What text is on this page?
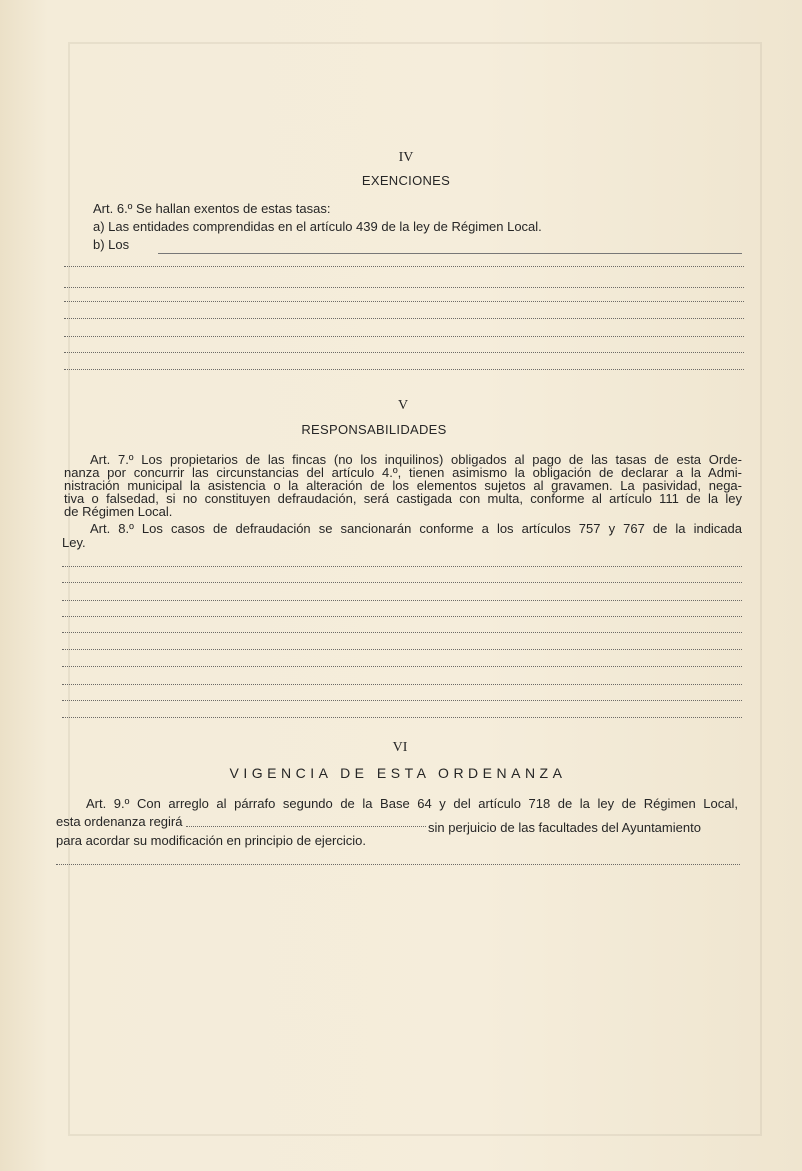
IV
EXENCIONES
Art. 6.º Se hallan exentos de estas tasas:
a) Las entidades comprendidas en el artículo 439 de la ley de Régimen Local.
b) Los
V
RESPONSABILIDADES
Art. 7.º Los propietarios de las fincas (no los inquilinos) obligados al pago de las tasas de esta Orde-
nanza por concurrir las circunstancias del artículo 4.º, tienen asimismo la obligación de declarar a la Admi-
nistración municipal la asistencia o la alteración de los elementos sujetos al gravamen. La pasividad, nega-
tiva o falsedad, si no constituyen defraudación, será castigada con multa, conforme al artículo 111 de la ley
de Régimen Local.
Art. 8.º Los casos de defraudación se sancionarán conforme a los artículos 757 y 767 de la indicada
Ley.
VI
VIGENCIA DE ESTA ORDENANZA
Art. 9.º Con arreglo al párrafo segundo de la Base 64 y del artículo 718 de la ley de Régimen Local,
esta ordenanza regirá	sin perjuicio de las facultades del Ayuntamiento
para acordar su modificación en principio de ejercicio.
